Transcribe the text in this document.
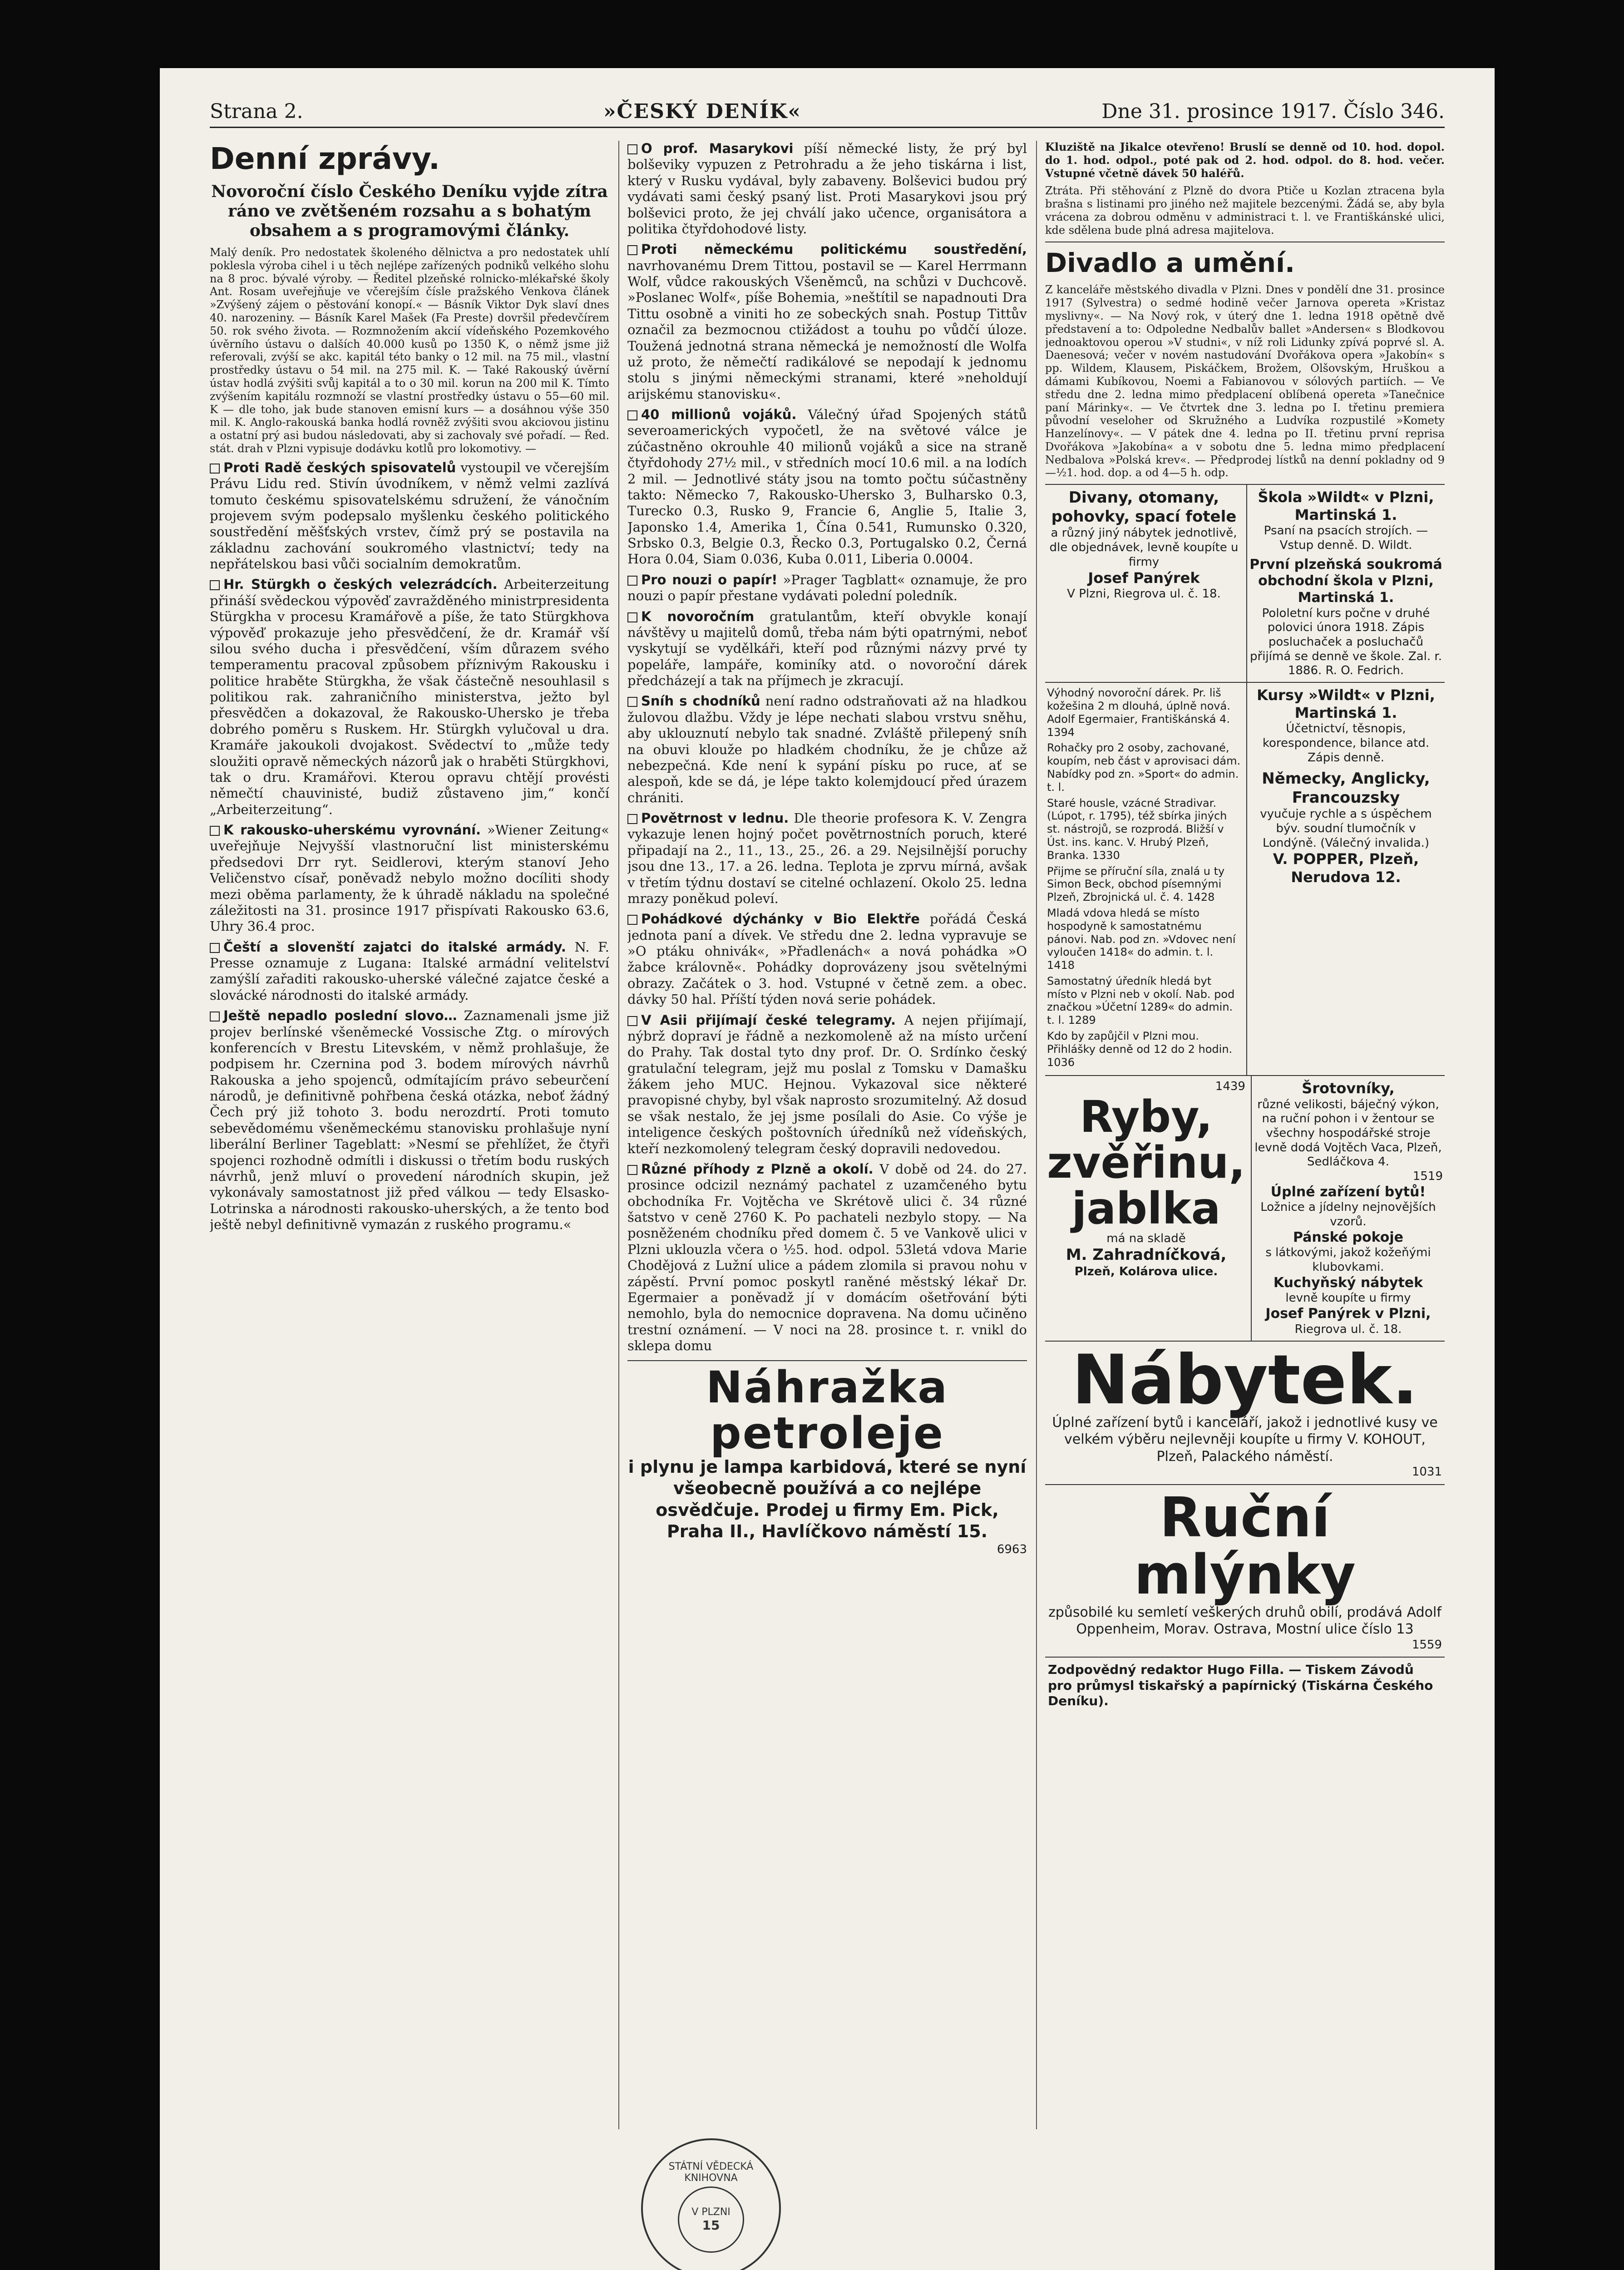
Strana 2.	»ČESKÝ DENÍK«	Dne 31. prosince 1917. Číslo 346.
Denní zprávy.

Novoroční číslo Českého Deníku vyjde zítra ráno ve zvětšeném rozsahu a s bohatým obsahem a s programovými články.

Malý deník. Pro nedostatek školeného dělnictva a pro nedostatek uhlí poklesla výroba cihel i u těch nejlépe zařízených podniků velkého slohu na 8 proc. bývalé výroby. — Ředitel plzeňské rolnicko-mlékařské školy Ant. Rosam uveřejňuje ve včerejším čísle pražského Venkova článek »Zvýšený zájem o pěstování konopí.« — Básník Viktor Dyk slaví dnes 40. narozeniny. — Básník Karel Mašek (Fa Preste) dovršil předevčírem 50. rok svého života. — Rozmnožením akcií vídeňského Pozemkového úvěrního ústavu o dalších 40.000 kusů po 1350 K, o němž jsme již referovali, zvýší se akc. kapitál této banky o 12 mil. na 75 mil., vlastní prostředky ústavu o 54 mil. na 275 mil. K. — Také Rakouský úvěrní ústav hodlá zvýšiti svůj kapitál a to o 30 mil. korun na 200 mil K. Tímto zvýšením kapitálu rozmnoží se vlastní prostředky ústavu o 55—60 mil. K — dle toho, jak bude stanoven emisní kurs — a dosáhnou výše 350 mil. K. Anglo-rakouská banka hodlá rovněž zvýšiti svou akciovou jistinu a ostatní prý asi budou následovati, aby si zachovaly své pořadí. — Řed. stát. drah v Plzni vypisuje dodávku kotlů pro lokomotivy. —

Proti Radě českých spisovatelů vystoupil ve včerejším Právu Lidu red. Stivín úvodníkem, v němž velmi zazlívá tomuto českému spisovatelskému sdružení, že vánočním projevem svým podepsalo myšlenku českého politického soustředění měšťských vrstev, čímž prý se postavila na základnu zachování soukromého vlastnictví; tedy na nepřátelskou basi vůči socialním demokratům.

Hr. Stürgkh o českých velezrádcích. Arbeiterzeitung přináší svědeckou výpověď zavražděného ministrpresidenta Stürgkha v procesu Kramářově a píše, že tato Stürgkhova výpověď prokazuje jeho přesvědčení, že dr. Kramář vší silou svého ducha i přesvědčení, vším důrazem svého temperamentu pracoval způsobem příznivým Rakousku i politice hraběte Stürgkha, že však částečně nesouhlasil s politikou rak. zahraničního ministerstva, ježto byl přesvědčen a dokazoval, že Rakousko-Uhersko je třeba dobrého poměru s Ruskem. Hr. Stürgkh vylučoval u dra. Kramáře jakoukoli dvojakost. Svědectví to „může tedy sloužiti opravě německých názorů jak o hraběti Stürgkhovi, tak o dru. Kramářovi. Kterou opravu chtějí provésti němečtí chauvinisté, budiž zůstaveno jim,“ končí „Arbeiterzeitung“.

K rakousko-uherskému vyrovnání. »Wiener Zeitung« uveřejňuje Nejvyšší vlastnoruční list ministerskému předsedovi Drr ryt. Seidlerovi, kterým stanoví Jeho Veličenstvo císař, poněvadž nebylo možno docíliti shody mezi oběma parlamenty, že k úhradě nákladu na společné záležitosti na 31. prosince 1917 přispívati Rakousko 63.6, Uhry 36.4 proc.

Čeští a slovenští zajatci do italské armády. N. F. Presse oznamuje z Lugana: Italské armádní velitelství zamýšlí zařaditi rakousko-uherské válečné zajatce české a slovácké národnosti do italské armády.

Ještě nepadlo poslední slovo… Zaznamenali jsme již projev berlínské všeněmecké Vossische Ztg. o mírových konferencích v Brestu Litevském, v němž prohlašuje, že podpisem hr. Czernina pod 3. bodem mírových návrhů Rakouska a jeho spojenců, odmítajícím právo sebeurčení národů, je definitivně pohřbena česká otázka, neboť žádný Čech prý již tohoto 3. bodu nerozdrtí. Proti tomuto sebevědomému všeněmeckému stanovisku prohlašuje nyní liberální Berliner Tageblatt: »Nesmí se přehlížet, že čtyři spojenci rozhodně odmítli i diskussi o třetím bodu ruských návrhů, jenž mluví o provedení národních skupin, jež vykonávaly samostatnost již před válkou — tedy Elsasko-Lotrinska a národnosti rakousko-uherských, a že tento bod ještě nebyl definitivně vymazán z ruského programu.«

O prof. Masarykovi píší německé listy, že prý byl bolševiky vypuzen z Petrohradu a že jeho tiskárna i list, který v Rusku vydával, byly zabaveny. Bolševici budou prý vydávati sami český psaný list. Proti Masarykovi jsou prý bolševici proto, že jej chválí jako učence, organisátora a politika čtyřdohodové listy.

Proti německému politickému soustředění, navrhovanému Drem Tittou, postavil se — Karel Herrmann Wolf, vůdce rakouských Všeněmců, na schůzi v Duchcově. »Poslanec Wolf«, píše Bohemia, »neštítil se napadnouti Dra Tittu osobně a viniti ho ze sobeckých snah. Postup Tittův označil za bezmocnou ctižádost a touhu po vůdčí úloze. Toužená jednotná strana německá je nemožností dle Wolfa už proto, že němečtí radikálové se nepodají k jednomu stolu s jinými německými stranami, které »neholdují arijskému stanovisku«.

40 millionů vojáků. Válečný úřad Spojených států severoamerických vypočetl, že na světové válce je zúčastněno okrouhle 40 milionů vojáků a sice na straně čtyřdohody 27½ mil., v středních mocí 10.6 mil. a na lodích 2 mil. — Jednotlivé státy jsou na tomto počtu súčastněny takto: Německo 7, Rakousko-Uhersko 3, Bulharsko 0.3, Turecko 0.3, Rusko 9, Francie 6, Anglie 5, Italie 3, Japonsko 1.4, Amerika 1, Čína 0.541, Rumunsko 0.320, Srbsko 0.3, Belgie 0.3, Řecko 0.3, Portugalsko 0.2, Černá Hora 0.04, Siam 0.036, Kuba 0.011, Liberia 0.0004.

Pro nouzi o papír! »Prager Tagblatt« oznamuje, že pro nouzi o papír přestane vydávati polední poledník.

K novoročním gratulantům, kteří obvykle konají návštěvy u majitelů domů, třeba nám býti opatrnými, neboť vyskytují se vydělkáři, kteří pod různými názvy prvé ty popeláře, lampáře, kominíky atd. o novoroční dárek předcházejí a tak na příjmech je zkracují.

Sníh s chodníků není radno odstraňovati až na hladkou žulovou dlažbu. Vždy je lépe nechati slabou vrstvu sněhu, aby uklouznutí nebylo tak snadné. Zvláště přilepený sníh na obuvi klouže po hladkém chodníku, že je chůze až nebezpečná. Kde není k sypání písku po ruce, ať se alespoň, kde se dá, je lépe takto kolemjdoucí před úrazem chrániti.

Povětrnost v lednu. Dle theorie profesora K. V. Zengra vykazuje lenen hojný počet povětrnostních poruch, které připadají na 2., 11., 13., 25., 26. a 29. Nejsilnější poruchy jsou dne 13., 17. a 26. ledna. Teplota je zprvu mírná, avšak v třetím týdnu dostaví se citelné ochlazení. Okolo 25. ledna mrazy poněkud poleví.

Pohádkové dýchánky v Bio Elektře pořádá Česká jednota paní a dívek. Ve středu dne 2. ledna vypravuje se »O ptáku ohnivák«, »Přadlenách« a nová pohádka »O žabce královně«. Pohádky doprovázeny jsou světelnými obrazy. Začátek o 3. hod. Vstupné v četně zem. a obec. dávky 50 hal. Příští týden nová serie pohádek.

V Asii přijímají české telegramy. A nejen přijímají, nýbrž dopraví je řádně a nezkomoleně až na místo určení do Prahy. Tak dostal tyto dny prof. Dr. O. Srdínko český gratulační telegram, jejž mu poslal z Tomsku v Damašku žákem jeho MUC. Hejnou. Vykazoval sice některé pravopisné chyby, byl však naprosto srozumitelný. Až dosud se však nestalo, že jej jsme posílali do Asie. Co výše je inteligence českých poštovních úředníků než vídeňských, kteří nezkomolený telegram český dopravili nedovedou.

Různé příhody z Plzně a okolí. V době od 24. do 27. prosince odcizil neznámý pachatel z uzamčeného bytu obchodníka Fr. Vojtěcha ve Skrétově ulici č. 34 různé šatstvo v ceně 2760 K. Po pachateli nezbylo stopy. — Na posněženém chodníku před domem č. 5 ve Vankově ulici v Plzni uklouzla včera o ½5. hod. odpol. 53letá vdova Marie Chodějová z Lužní ulice a pádem zlomila si pravou nohu v zápěstí. První pomoc poskytl raněné městský lékař Dr. Egermaier a poněvadž jí v domácím ošetřování býti nemohlo, byla do nemocnice dopravena. Na domu učiněno trestní oznámení. — V noci na 28. prosince t. r. vnikl do sklepa domu

Náhražka petroleje
i plynu je lampa karbidová, které se nyní všeobecně používá a co nejlépe osvědčuje. Prodej u firmy Em. Pick, Praha II., Havlíčkovo náměstí 15.
6963

Kluziště na Jikalce otevřeno! Bruslí se denně od 10. hod. dopol. do 1. hod. odpol., poté pak od 2. hod. odpol. do 8. hod. večer. Vstupné včetně dávek 50 haléřů.

Ztráta. Při stěhování z Plzně do dvora Ptiče u Kozlan ztracena byla brašna s listinami pro jiného než majitele bezcenými. Žádá se, aby byla vrácena za dobrou odměnu v administraci t. l. ve Františkánské ulici, kde sdělena bude plná adresa majitelova.

Divadlo a umění.

Z kanceláře městského divadla v Plzni. Dnes v pondělí dne 31. prosince 1917 (Sylvestra) o sedmé hodině večer Jarnova opereta »Kristaz myslivny«. — Na Nový rok, v úterý dne 1. ledna 1918 opětně dvě představení a to: Odpoledne Nedbalův ballet »Andersen« s Blodkovou jednoaktovou operou »V studni«, v níž roli Lidunky zpívá poprvé sl. A. Daenesová; večer v novém nastudování Dvořákova opera »Jakobín« s pp. Wildem, Klausem, Piskáčkem, Brožem, Olšovským, Hruškou a dámami Kubíkovou, Noemi a Fabianovou v sólových partiích. — Ve středu dne 2. ledna mimo předplacení oblíbená opereta »Tanečnice paní Márinky«. — Ve čtvrtek dne 3. ledna po I. třetinu premiera původní veseloher od Skružného a Ludvíka rozpustilé »Komety Hanzelínovy«. — V pátek dne 4. ledna po II. třetinu první reprisa Dvořákova »Jakobína« a v sobotu dne 5. ledna mimo předplacení Nedbalova »Polská krev«. — Předprodej lístků na denní pokladny od 9—½1. hod. dop. a od 4—5 h. odp.

Divany, otomany, pohovky, spací fotele
a různý jiný nábytek jednotlivě, dle objednávek, levně koupíte u firmy
Josef Panýrek
V Plzni, Riegrova ul. č. 18.
Škola »Wildt« v Plzni, Martinská 1.
Psaní na psacích strojích. — Vstup denně. D. Wildt.
První plzeňská soukromá obchodní škola v Plzni, Martinská 1.
Pololetní kurs počne v druhé polovici února 1918. Zápis posluchaček a posluchačů přijímá se denně ve škole. Zal. r. 1886. R. O. Fedrich.

Výhodný novoroční dárek. Pr. liš kožešina 2 m dlouhá, úplně nová. Adolf Egermaier, Františkánská 4. 1394

Rohačky pro 2 osoby, zachované, koupím, neb část v aprovisaci dám. Nabídky pod zn. »Sport« do admin. t. l.

Staré housle, vzácné Stradivar. (Lúpot, r. 1795), též sbírka jiných st. nástrojů, se rozprodá. Bližší v Úst. ins. kanc. V. Hrubý Plzeň, Branka. 1330

Přijme se příruční síla, znalá u ty Simon Beck, obchod písemnými Plzeň, Zbrojnická ul. č. 4. 1428

Mladá vdova hledá se místo hospodyně k samostatnému pánovi. Nab. pod zn. »Vdovec není vyloučen 1418« do admin. t. l. 1418

Samostatný úředník hledá byt místo v Plzni neb v okolí. Nab. pod značkou »Účetní 1289« do admin. t. l. 1289

Kdo by zapůjčil v Plzni mou. Přihlášky denně od 12 do 2 hodin. 1036

Kursy »Wildt« v Plzni, Martinská 1.
Účetnictví, těsnopis, korespondence, bilance atd. Zápis denně.
Německy, Anglicky, Francouzsky
vyučuje rychle a s úspěchem býv. soudní tlumočník v Londýně. (Válečný invalida.)
V. POPPER, Plzeň, Nerudova 12.
1439
Ryby, zvěřinu, jablka
má na skladě
M. Zahradníčková,
Plzeň, Kolárova ulice.
Šrotovníky,
různé velikosti, báječný výkon, na ruční pohon i v žentour se všechny hospodářské stroje levně dodá Vojtěch Vaca, Plzeň, Sedláčkova 4.
1519
Úplné zařízení bytů!
Ložnice a jídelny nejnovějších vzorů.
Pánské pokoje
s látkovými, jakož kožeňými klubovkami.
Kuchyňský nábytek
levně koupíte u firmy
Josef Panýrek v Plzni,
Riegrova ul. č. 18.
Nábytek.
Úplné zařízení bytů i kanceláří, jakož i jednotlivé kusy ve velkém výběru nejlevněji koupíte u firmy V. KOHOUT, Plzeň, Palackého náměstí.
1031
Ruční mlýnky
způsobilé ku semletí veškerých druhů obilí, prodává Adolf Oppenheim, Morav. Ostrava, Mostní ulice číslo 13
1559
Zodpovědný redaktor Hugo Filla. — Tiskem Závodů pro průmysl tiskařský a papírnický (Tiskárna Českého Deníku).
STÁTNÍ VĚDECKÁ KNIHOVNA
V PLZNI
15
